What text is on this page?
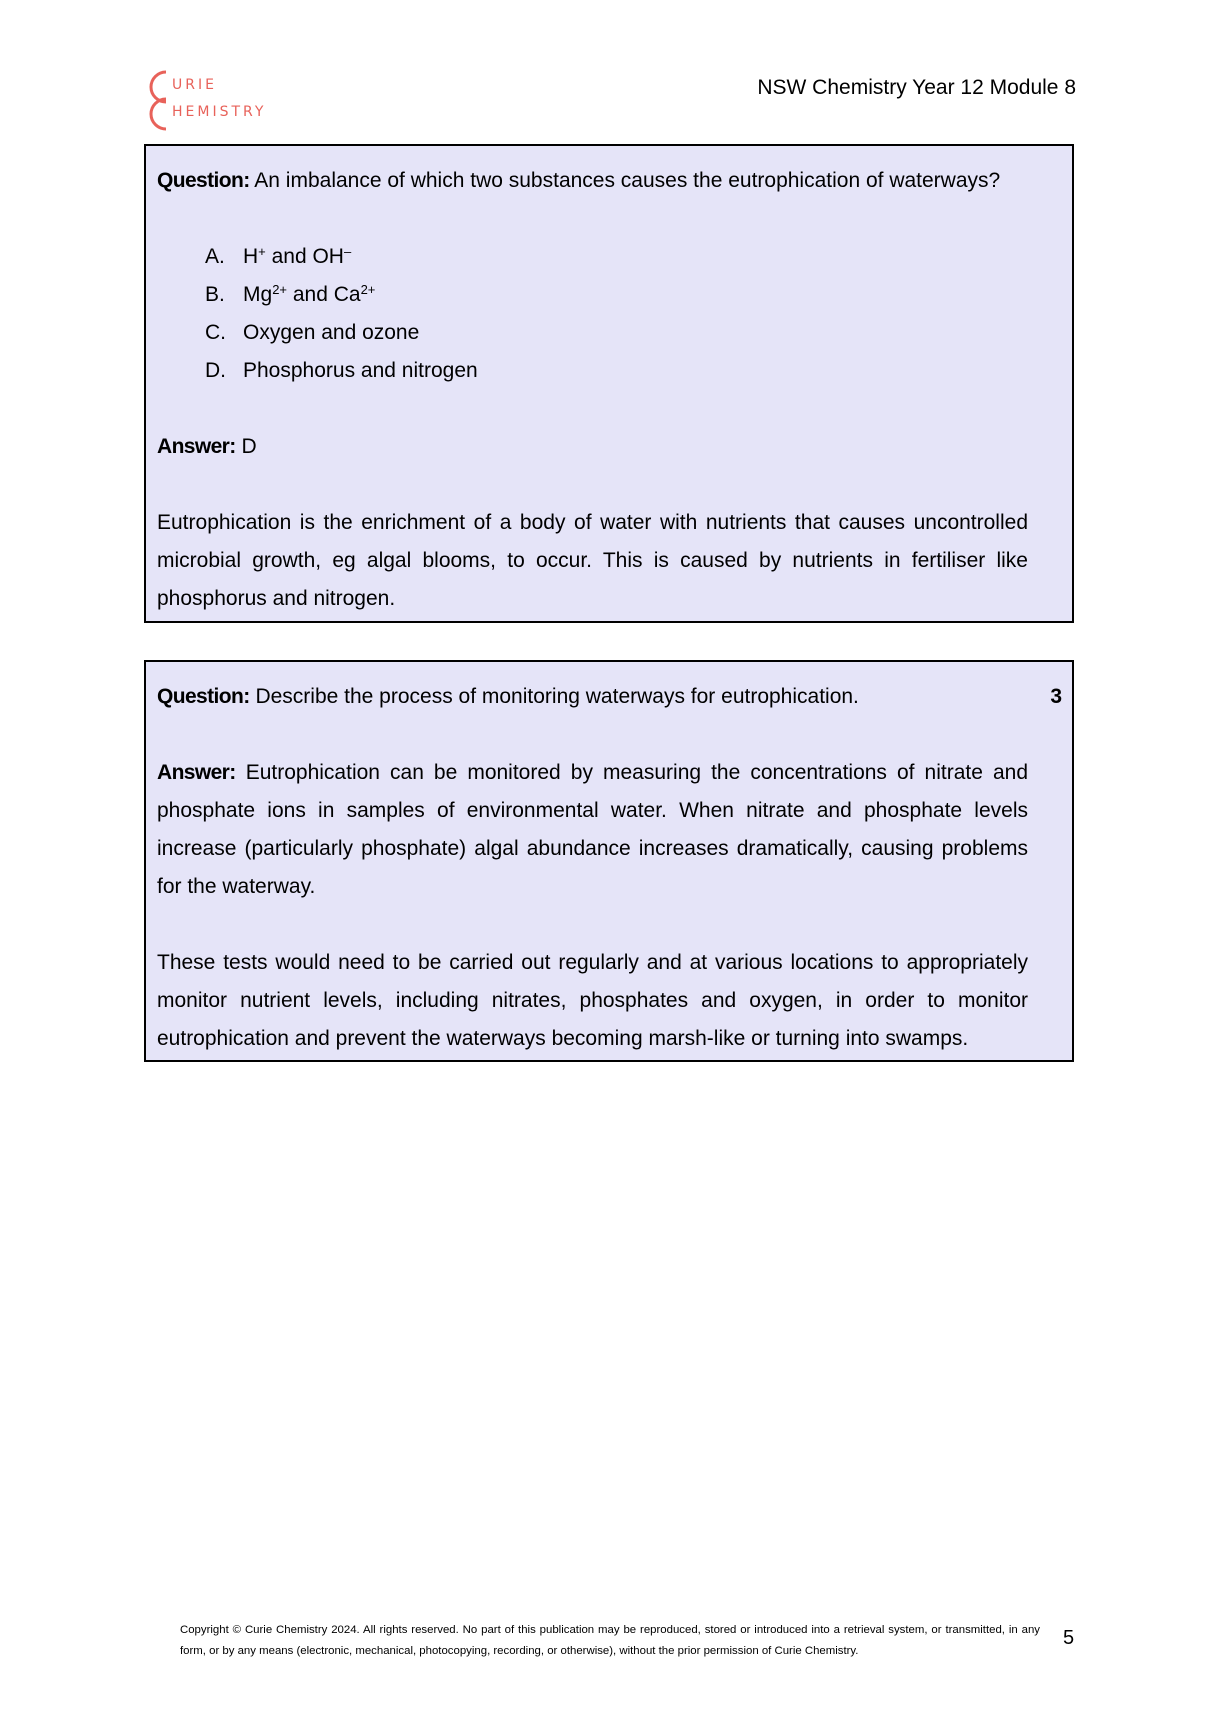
URIE
HEMISTRY
NSW Chemistry Year 12 Module 8

Question: An imbalance of which two substances causes the eutrophication of waterways?

A. H+ and OH–
B. $Mg^{2+}$ and $Ca^{2+}$
C. Oxygen and ozone
D. Phosphorus and nitrogen

Answer: D

Eutrophication is the enrichment of a body of water with nutrients that causes uncontrolled microbial growth, eg algal blooms, to occur. This is caused by nutrients in fertiliser like phosphorus and nitrogen.

3

Question: Describe the process of monitoring waterways for eutrophication.

Answer: Eutrophication can be monitored by measuring the concentrations of nitrate and phosphate ions in samples of environmental water. When nitrate and phosphate levels increase (particularly phosphate) algal abundance increases dramatically, causing problems for the waterway.

These tests would need to be carried out regularly and at various locations to appropriately monitor nutrient levels, including nitrates, phosphates and oxygen, in order to monitor eutrophication and prevent the waterways becoming marsh-like or turning into swamps.

Copyright © Curie Chemistry 2024. All rights reserved. No part of this publication may be reproduced, stored or introduced into a retrieval system, or transmitted, in any form, or by any means (electronic, mechanical, photocopying, recording, or otherwise), without the prior permission of Curie Chemistry.
5
